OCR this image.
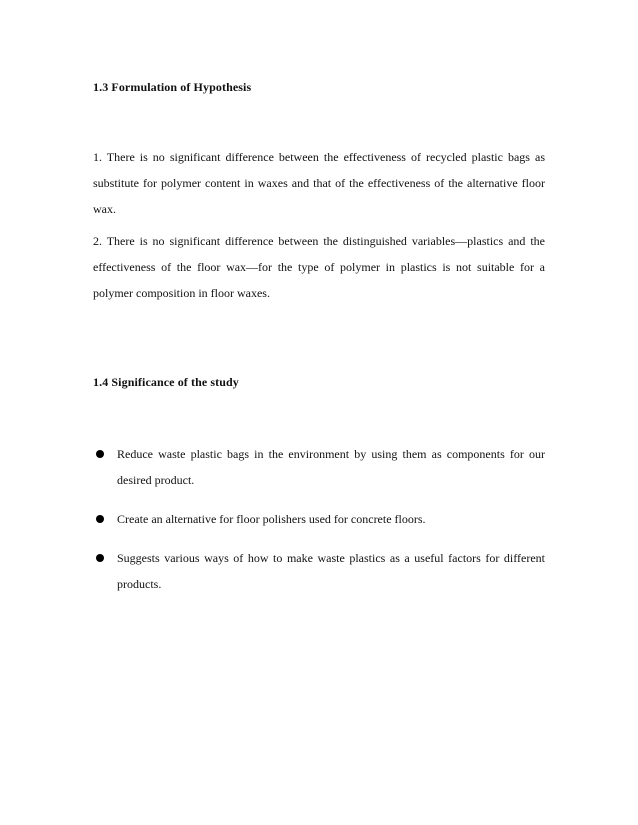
1.3 Formulation of Hypothesis
1. There is no significant difference between the effectiveness of recycled plastic bags as substitute for polymer content in waxes and that of the effectiveness of the alternative floor wax.
2. There is no significant difference between the distinguished variables—plastics and the effectiveness of the floor wax—for the type of polymer in plastics is not suitable for a polymer composition in floor waxes.
1.4 Significance of the study
Reduce waste plastic bags in the environment by using them as components for our desired product.
Create an alternative for floor polishers used for concrete floors.
Suggests various ways of how to make waste plastics as a useful factors for different products.
